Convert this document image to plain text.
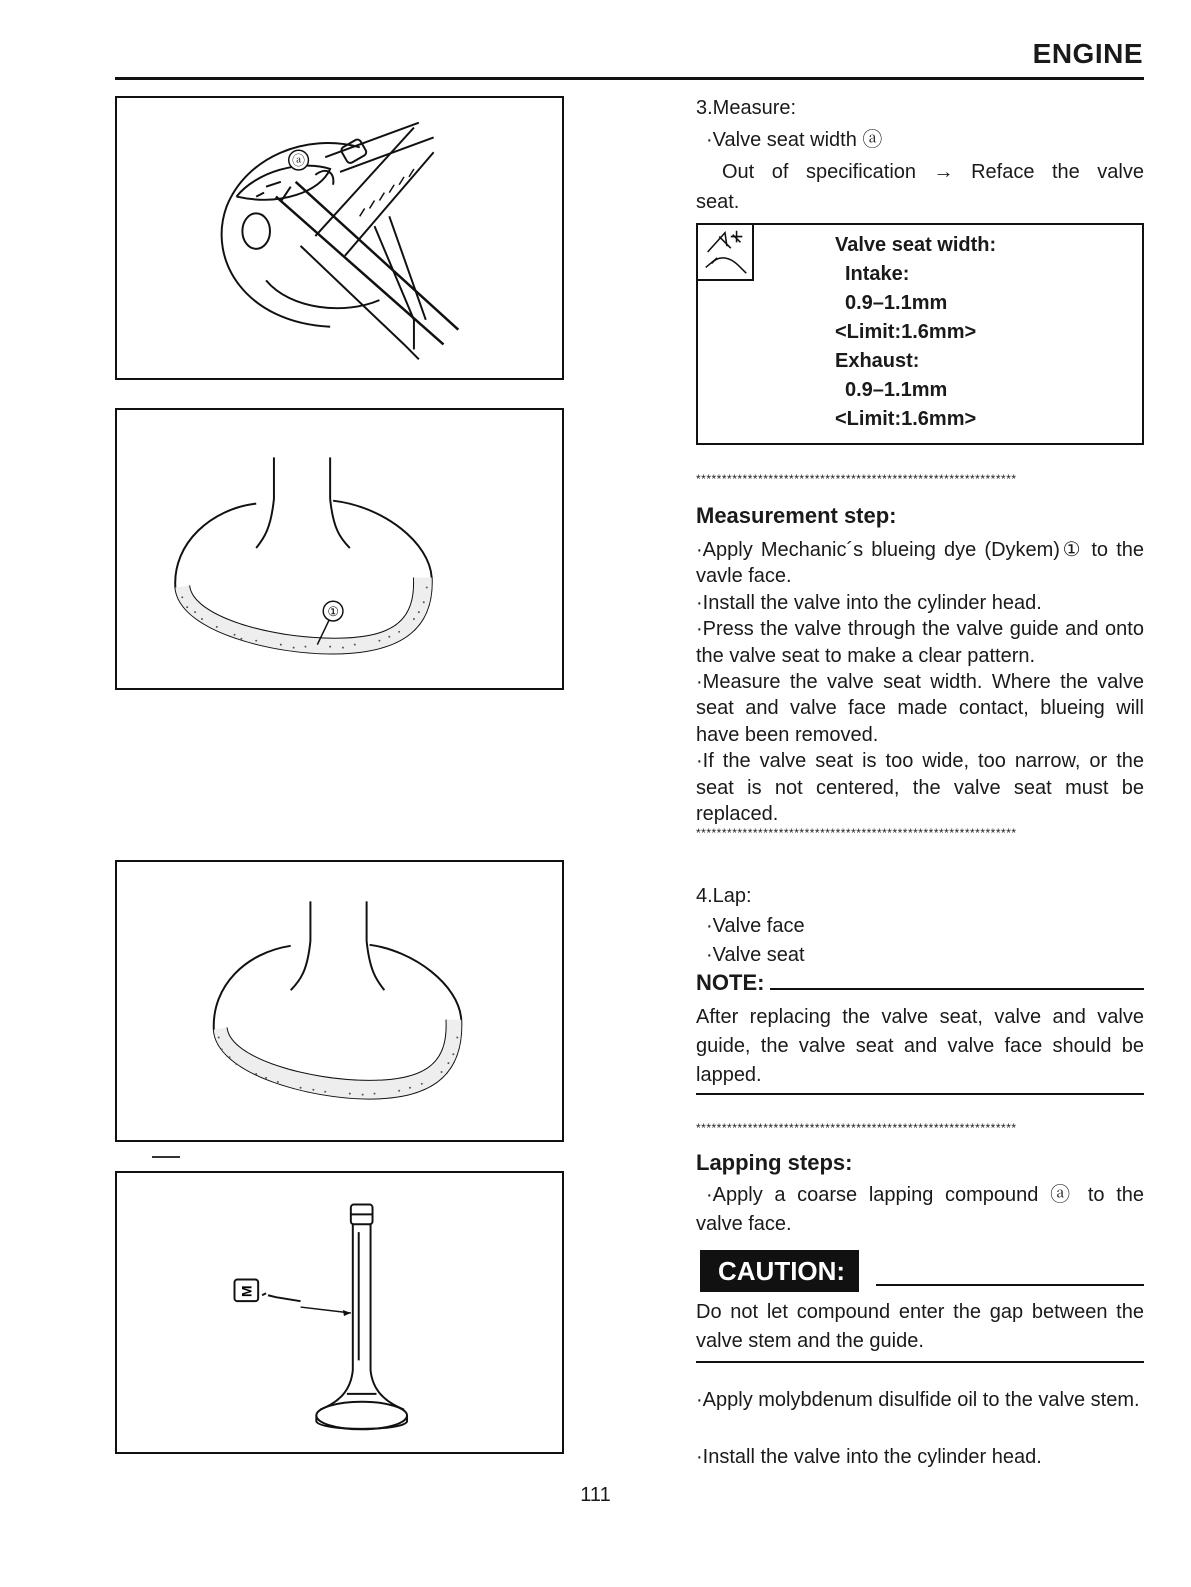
ENGINE
ⓐ
①
M
3.Measure:
·Valve seat width ⓐ
Out of specification → Reface the valve
seat.
Valve seat width:
Intake:
0.9–1.1mm
<Limit:1.6mm>
Exhaust:
0.9–1.1mm
<Limit:1.6mm>
**************************************************************
Measurement step:
·Apply Mechanic´s blueing dye (Dykem)① to the vavle face.
·Install the valve into the cylinder head.
·Press the valve through the valve guide and onto the valve seat to make a clear pattern.
·Measure the valve seat width. Where the valve seat and valve face made contact, blueing will have been removed.
·If the valve seat is too wide, too narrow, or the seat is not centered, the valve seat must be replaced.
**************************************************************
4.Lap:
·Valve face
·Valve seat
NOTE:
After replacing the valve seat, valve and valve guide, the valve seat and valve face should be lapped.
**************************************************************
Lapping steps:
·Apply a coarse lapping compound ⓐ to the valve face.
CAUTION:
Do not let compound enter the gap between the valve stem and the guide.
·Apply molybdenum disulfide oil to the valve stem.
·Install the valve into the cylinder head.
111
